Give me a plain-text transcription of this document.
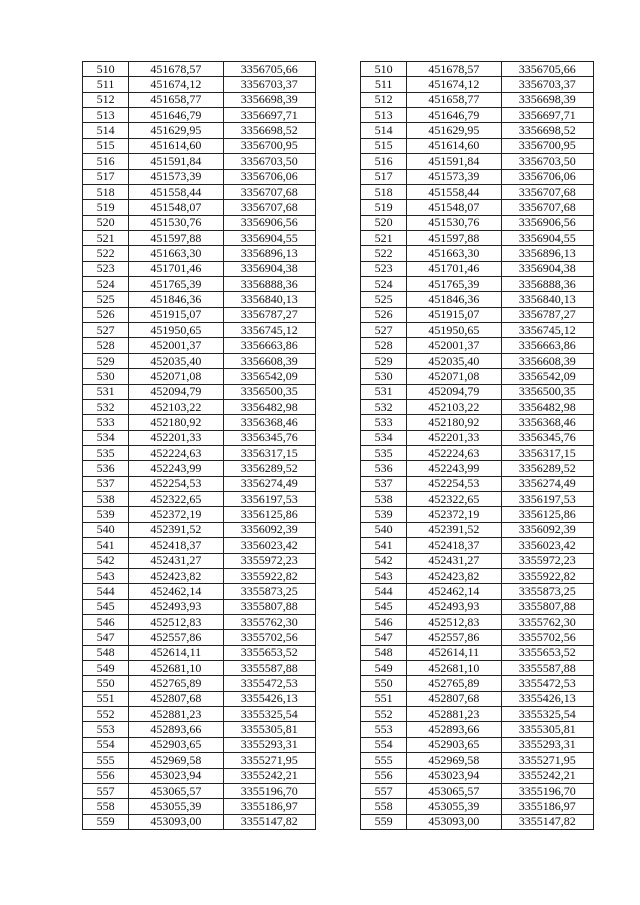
510	451678,57	3356705,66		510	451678,57	3356705,66
511	451674,12	3356703,37		511	451674,12	3356703,37
512	451658,77	3356698,39		512	451658,77	3356698,39
513	451646,79	3356697,71		513	451646,79	3356697,71
514	451629,95	3356698,52		514	451629,95	3356698,52
515	451614,60	3356700,95		515	451614,60	3356700,95
516	451591,84	3356703,50		516	451591,84	3356703,50
517	451573,39	3356706,06		517	451573,39	3356706,06
518	451558,44	3356707,68		518	451558,44	3356707,68
519	451548,07	3356707,68		519	451548,07	3356707,68
520	451530,76	3356906,56		520	451530,76	3356906,56
521	451597,88	3356904,55		521	451597,88	3356904,55
522	451663,30	3356896,13		522	451663,30	3356896,13
523	451701,46	3356904,38		523	451701,46	3356904,38
524	451765,39	3356888,36		524	451765,39	3356888,36
525	451846,36	3356840,13		525	451846,36	3356840,13
526	451915,07	3356787,27		526	451915,07	3356787,27
527	451950,65	3356745,12		527	451950,65	3356745,12
528	452001,37	3356663,86		528	452001,37	3356663,86
529	452035,40	3356608,39		529	452035,40	3356608,39
530	452071,08	3356542,09		530	452071,08	3356542,09
531	452094,79	3356500,35		531	452094,79	3356500,35
532	452103,22	3356482,98		532	452103,22	3356482,98
533	452180,92	3356368,46		533	452180,92	3356368,46
534	452201,33	3356345,76		534	452201,33	3356345,76
535	452224,63	3356317,15		535	452224,63	3356317,15
536	452243,99	3356289,52		536	452243,99	3356289,52
537	452254,53	3356274,49		537	452254,53	3356274,49
538	452322,65	3356197,53		538	452322,65	3356197,53
539	452372,19	3356125,86		539	452372,19	3356125,86
540	452391,52	3356092,39		540	452391,52	3356092,39
541	452418,37	3356023,42		541	452418,37	3356023,42
542	452431,27	3355972,23		542	452431,27	3355972,23
543	452423,82	3355922,82		543	452423,82	3355922,82
544	452462,14	3355873,25		544	452462,14	3355873,25
545	452493,93	3355807,88		545	452493,93	3355807,88
546	452512,83	3355762,30		546	452512,83	3355762,30
547	452557,86	3355702,56		547	452557,86	3355702,56
548	452614,11	3355653,52		548	452614,11	3355653,52
549	452681,10	3355587,88		549	452681,10	3355587,88
550	452765,89	3355472,53		550	452765,89	3355472,53
551	452807,68	3355426,13		551	452807,68	3355426,13
552	452881,23	3355325,54		552	452881,23	3355325,54
553	452893,66	3355305,81		553	452893,66	3355305,81
554	452903,65	3355293,31		554	452903,65	3355293,31
555	452969,58	3355271,95		555	452969,58	3355271,95
556	453023,94	3355242,21		556	453023,94	3355242,21
557	453065,57	3355196,70		557	453065,57	3355196,70
558	453055,39	3355186,97		558	453055,39	3355186,97
559	453093,00	3355147,82		559	453093,00	3355147,82
